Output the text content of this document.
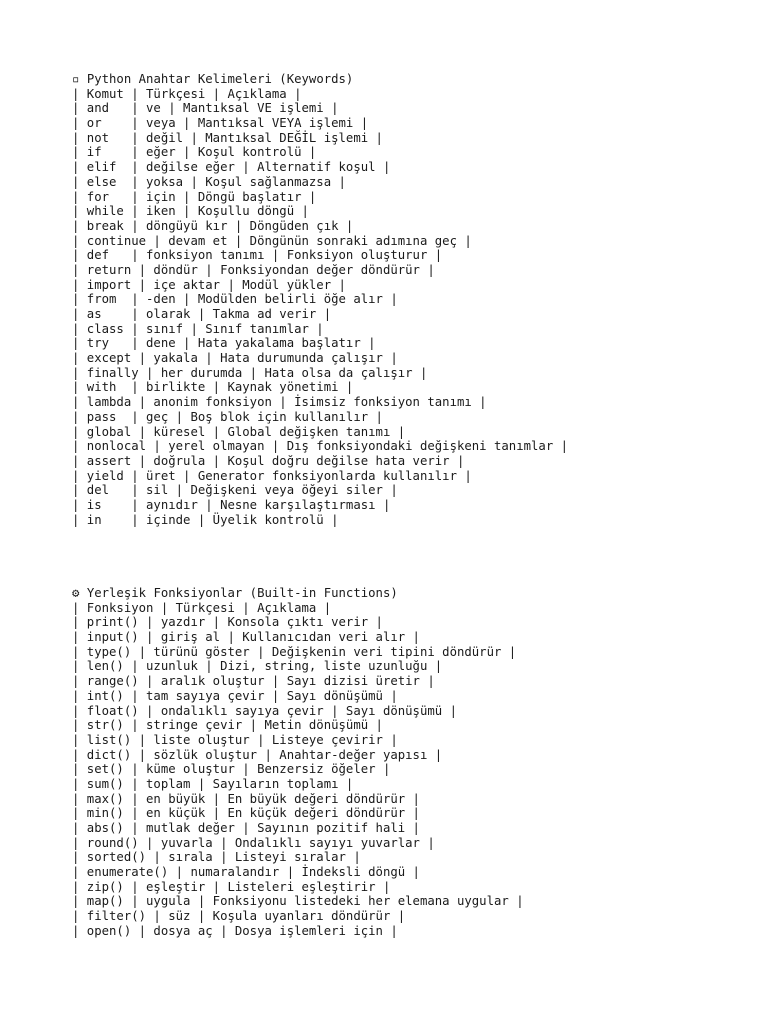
▫ Python Anahtar Kelimeleri (Keywords)
| Komut | Türkçesi | Açıklama |
| and   | ve | Mantıksal VE işlemi |
| or    | veya | Mantıksal VEYA işlemi |
| not   | değil | Mantıksal DEĞİL işlemi |
| if    | eğer | Koşul kontrolü |
| elif  | değilse eğer | Alternatif koşul |
| else  | yoksa | Koşul sağlanmazsa |
| for   | için | Döngü başlatır |
| while | iken | Koşullu döngü |
| break | döngüyü kır | Döngüden çık |
| continue | devam et | Döngünün sonraki adımına geç |
| def   | fonksiyon tanımı | Fonksiyon oluşturur |
| return | döndür | Fonksiyondan değer döndürür |
| import | içe aktar | Modül yükler |
| from  | -den | Modülden belirli öğe alır |
| as    | olarak | Takma ad verir |
| class | sınıf | Sınıf tanımlar |
| try   | dene | Hata yakalama başlatır |
| except | yakala | Hata durumunda çalışır |
| finally | her durumda | Hata olsa da çalışır |
| with  | birlikte | Kaynak yönetimi |
| lambda | anonim fonksiyon | İsimsiz fonksiyon tanımı |
| pass  | geç | Boş blok için kullanılır |
| global | küresel | Global değişken tanımı |
| nonlocal | yerel olmayan | Dış fonksiyondaki değişkeni tanımlar |
| assert | doğrula | Koşul doğru değilse hata verir |
| yield | üret | Generator fonksiyonlarda kullanılır |
| del   | sil | Değişkeni veya öğeyi siler |
| is    | aynıdır | Nesne karşılaştırması |
| in    | içinde | Üyelik kontrolü |
⚙ Yerleşik Fonksiyonlar (Built-in Functions)
| Fonksiyon | Türkçesi | Açıklama |
| print() | yazdır | Konsola çıktı verir |
| input() | giriş al | Kullanıcıdan veri alır |
| type() | türünü göster | Değişkenin veri tipini döndürür |
| len() | uzunluk | Dizi, string, liste uzunluğu |
| range() | aralık oluştur | Sayı dizisi üretir |
| int() | tam sayıya çevir | Sayı dönüşümü |
| float() | ondalıklı sayıya çevir | Sayı dönüşümü |
| str() | stringe çevir | Metin dönüşümü |
| list() | liste oluştur | Listeye çevirir |
| dict() | sözlük oluştur | Anahtar-değer yapısı |
| set() | küme oluştur | Benzersiz öğeler |
| sum() | toplam | Sayıların toplamı |
| max() | en büyük | En büyük değeri döndürür |
| min() | en küçük | En küçük değeri döndürür |
| abs() | mutlak değer | Sayının pozitif hali |
| round() | yuvarla | Ondalıklı sayıyı yuvarlar |
| sorted() | sırala | Listeyi sıralar |
| enumerate() | numaralandır | İndeksli döngü |
| zip() | eşleştir | Listeleri eşleştirir |
| map() | uygula | Fonksiyonu listedeki her elemana uygular |
| filter() | süz | Koşula uyanları döndürür |
| open() | dosya aç | Dosya işlemleri için |
